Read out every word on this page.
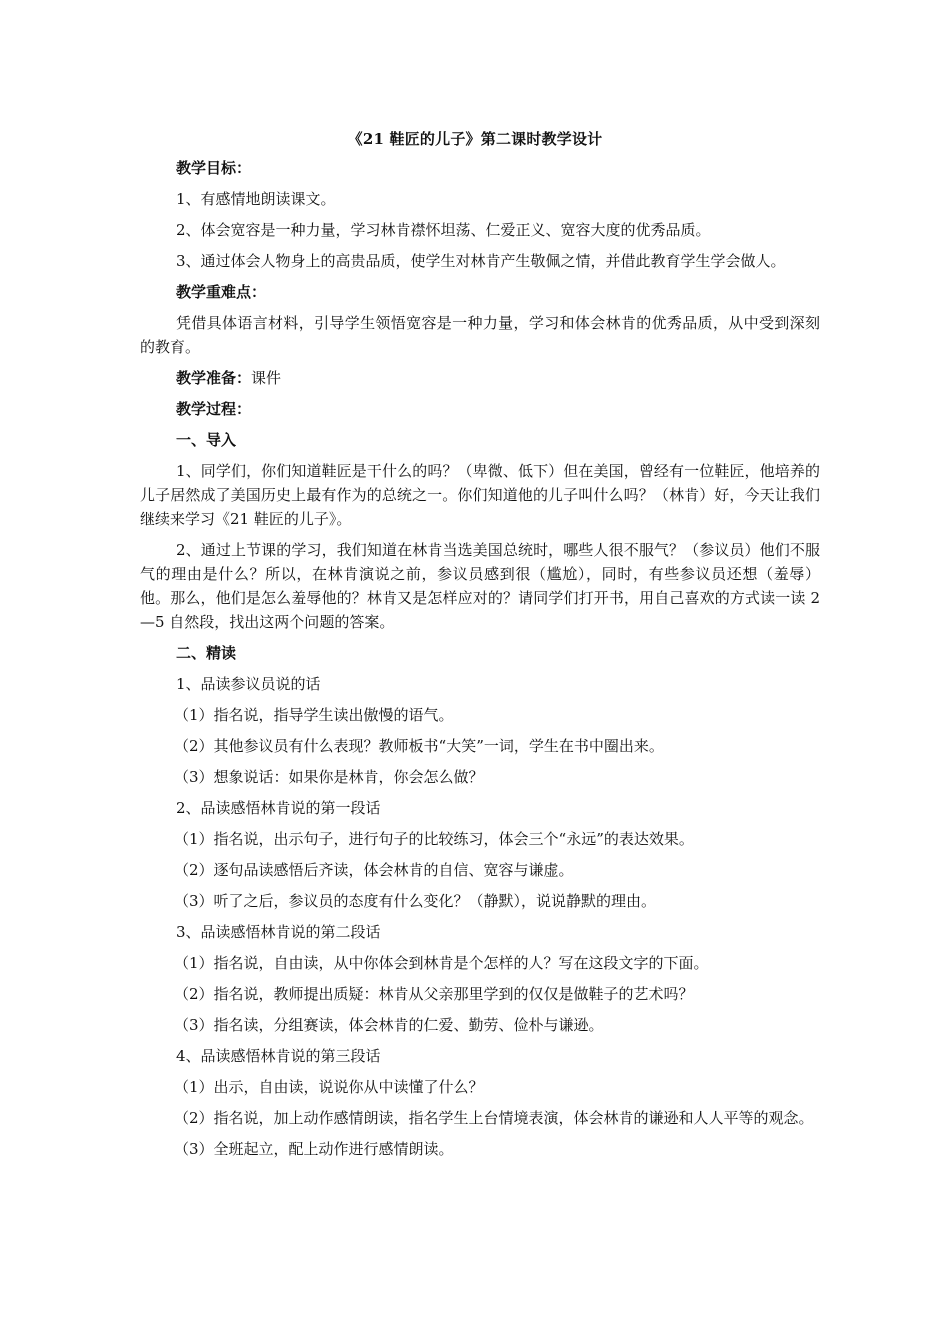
《21 鞋匠的儿子》第二课时教学设计

教学目标：

1、有感情地朗读课文。

2、体会宽容是一种力量，学习林肯襟怀坦荡、仁爱正义、宽容大度的优秀品质。

3、通过体会人物身上的高贵品质，使学生对林肯产生敬佩之情，并借此教育学生学会做人。

教学重难点：

凭借具体语言材料，引导学生领悟宽容是一种力量，学习和体会林肯的优秀品质，从中受到深刻的教育。

教学准备：课件

教学过程：

一、导入

1、同学们，你们知道鞋匠是干什么的吗？（卑微、低下）但在美国，曾经有一位鞋匠，他培养的儿子居然成了美国历史上最有作为的总统之一。你们知道他的儿子叫什么吗？（林肯）好，今天让我们继续来学习《21 鞋匠的儿子》。

2、通过上节课的学习，我们知道在林肯当选美国总统时，哪些人很不服气？（参议员）他们不服气的理由是什么？所以，在林肯演说之前，参议员感到很（尴尬），同时，有些参议员还想（羞辱）他。那么，他们是怎么羞辱他的？林肯又是怎样应对的？请同学们打开书，用自己喜欢的方式读一读 2—5 自然段，找出这两个问题的答案。

二、精读

1、品读参议员说的话

（1）指名说，指导学生读出傲慢的语气。

（2）其他参议员有什么表现？教师板书“大笑”一词，学生在书中圈出来。

（3）想象说话：如果你是林肯，你会怎么做？

2、品读感悟林肯说的第一段话

（1）指名说，出示句子，进行句子的比较练习，体会三个“永远”的表达效果。

（2）逐句品读感悟后齐读，体会林肯的自信、宽容与谦虚。

（3）听了之后，参议员的态度有什么变化？（静默），说说静默的理由。

3、品读感悟林肯说的第二段话

（1）指名说，自由读，从中你体会到林肯是个怎样的人？写在这段文字的下面。

（2）指名说，教师提出质疑：林肯从父亲那里学到的仅仅是做鞋子的艺术吗？

（3）指名读，分组赛读，体会林肯的仁爱、勤劳、俭朴与谦逊。

4、品读感悟林肯说的第三段话

（1）出示，自由读，说说你从中读懂了什么？

（2）指名说，加上动作感情朗读，指名学生上台情境表演，体会林肯的谦逊和人人平等的观念。

（3）全班起立，配上动作进行感情朗读。
